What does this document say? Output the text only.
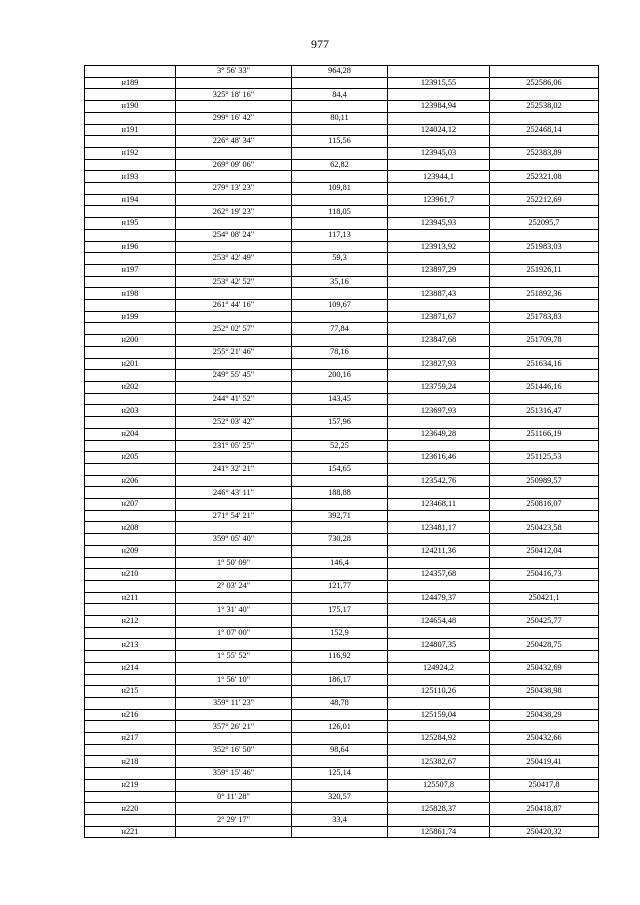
977
	3° 56' 33"	964,28		
н189			123915,55	252586,06
	325° 18' 16"	84,4		
н190			123984,94	252538,02
	299° 16' 42"	80,11		
н191			124024,12	252468,14
	226° 48' 34"	115,56		
н192			123945,03	252383,89
	269° 09' 06"	62,82		
н193			123944,1	252321,08
	279° 13' 23"	109,81		
н194			123961,7	252212,69
	262° 19' 23"	118,05		
н195			123945,93	252095,7
	254° 08' 24"	117,13		
н196			123913,92	251983,03
	253° 42' 49"	59,3		
н197			123897,29	251926,11
	253° 42' 52"	35,16		
н198			123887,43	251892,36
	261° 44' 16"	109,67		
н199			123871,67	251783,83
	252° 02' 57"	77,84		
н200			123847,68	251709,78
	255° 21' 46"	78,16		
н201			123827,93	251634,16
	249° 55' 45"	200,16		
н202			123759,24	251446,16
	244° 41' 52"	143,45		
н203			123697,93	251316,47
	252° 03' 42"	157,96		
н204			123649,28	251166,19
	231° 05' 25"	52,25		
н205			123616,46	251125,53
	241° 32' 21"	154,65		
н206			123542,76	250989,57
	246° 43' 11"	188,88		
н207			123468,11	250816,07
	271° 54' 21"	392,71		
н208			123481,17	250423,58
	359° 05' 40"	730,28		
н209			124211,36	250412,04
	1° 50' 09"	146,4		
н210			124357,68	250416,73
	2° 03' 24"	121,77		
н211			124479,37	250421,1
	1° 31' 40"	175,17		
н212			124654,48	250425,77
	1° 07' 00"	152,9		
н213			124807,35	250428,75
	1° 55' 52"	116,92		
н214			124924,2	250432,69
	1° 56' 10"	186,17		
н215			125110,26	250438,98
	359° 11' 23"	48,78		
н216			125159,04	250438,29
	357° 26' 21"	126,01		
н217			125284,92	250432,66
	352° 16' 50"	98,64		
н218			125382,67	250419,41
	359° 15' 46"	125,14		
н219			125507,8	250417,8
	0° 11' 28"	320,57		
н220			125828,37	250418,87
	2° 29' 17"	33,4		
н221			125861,74	250420,32
